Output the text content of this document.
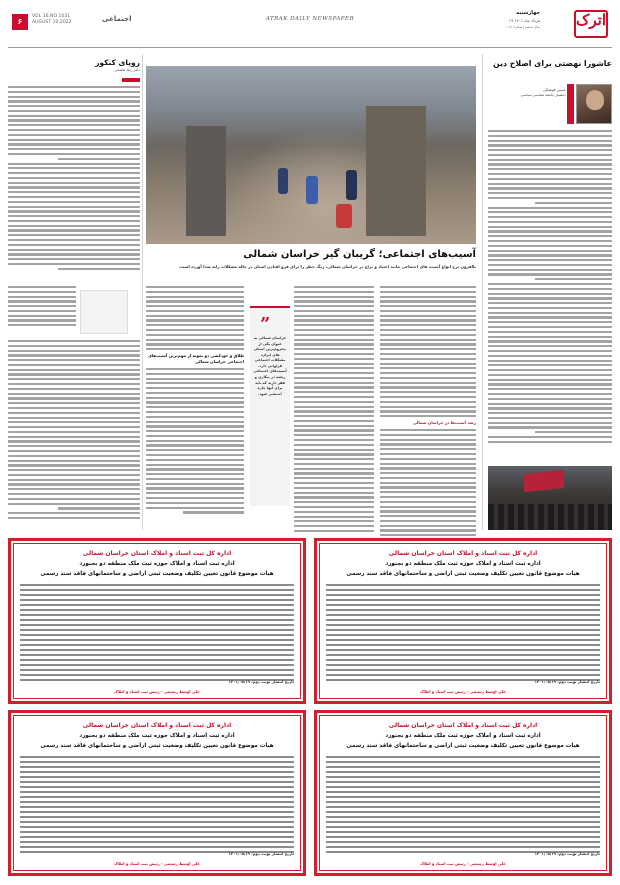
اترک
چهارشنبه
۱۹ مرداد ماه ۱۴۰۱
سال ششم | شماره ۱۰۳۱
ATRAK DAILY NEWSPAPER
۶
VOL 16,NO 1031
AUGUST 10,2022	اجتماعی
عاشورا نهضتی برای اصلاح دین
حسین قوشنگی
دانشیار جامعه شناسی سیاسی
رویای کنکور
دکتر رضا هاشمی
آسیب‌های اجتماعی؛ گریبان گیر خراسان شمالی
باافزون نرخ انواع آسیب های اجتماعی مانند اعتیاد و نزاع در خراسان شمالی، زنگ خطر را برای فرو افتادن استان در چاله مشکلات رابه صدا آورده است.
رشد آسیب‌ها در خراسان شمالی
”
خراسان شمالی به عنوان یکی از محروم‌ترین استان های ایران، مشکلات اجتماعی فراوانی دارد. آسیب‌های اجتماعی ریشه در بیکاری و فقر دارند که باید برای آنها چاره اندیشی شود.
طلاق و خودکشی دو نمونه از مهم‌ترین آسیب‌های اجتماعی خراسان شمالی
اداره کل ثبت اسناد و املاک استان خراسان شمالی
اداره ثبت اسناد و املاک حوزه ثبت ملک منطقه دو بجنورد
هیات موضوع قانون تعیین تکلیف وضعیت ثبتی اراضی و ساختمانهای فاقد سند رسمی
تاریخ انتشار نوبت دوم: ۱۴۰۱/۰۵/۱۹
علی اوسط رستمی - رئیس ثبت اسناد و املاک
اداره کل ثبت اسناد و املاک استان خراسان شمالی
اداره ثبت اسناد و املاک حوزه ثبت ملک منطقه دو بجنورد
هیات موضوع قانون تعیین تکلیف وضعیت ثبتی اراضی و ساختمانهای فاقد سند رسمی
تاریخ انتشار نوبت دوم: ۱۴۰۱/۰۵/۱۹
علی اوسط رستمی - رئیس ثبت اسناد و املاک
اداره کل ثبت اسناد و املاک استان خراسان شمالی
اداره ثبت اسناد و املاک حوزه ثبت ملک منطقه دو بجنورد
هیات موضوع قانون تعیین تکلیف وضعیت ثبتی اراضی و ساختمانهای فاقد سند رسمی
تاریخ انتشار نوبت دوم: ۱۴۰۱/۰۵/۱۹
علی اوسط رستمی - رئیس ثبت اسناد و املاک
اداره کل ثبت اسناد و املاک استان خراسان شمالی
اداره ثبت اسناد و املاک حوزه ثبت ملک منطقه دو بجنورد
هیات موضوع قانون تعیین تکلیف وضعیت ثبتی اراضی و ساختمانهای فاقد سند رسمی
تاریخ انتشار نوبت دوم: ۱۴۰۱/۰۵/۱۹
علی اوسط رستمی - رئیس ثبت اسناد و املاک
